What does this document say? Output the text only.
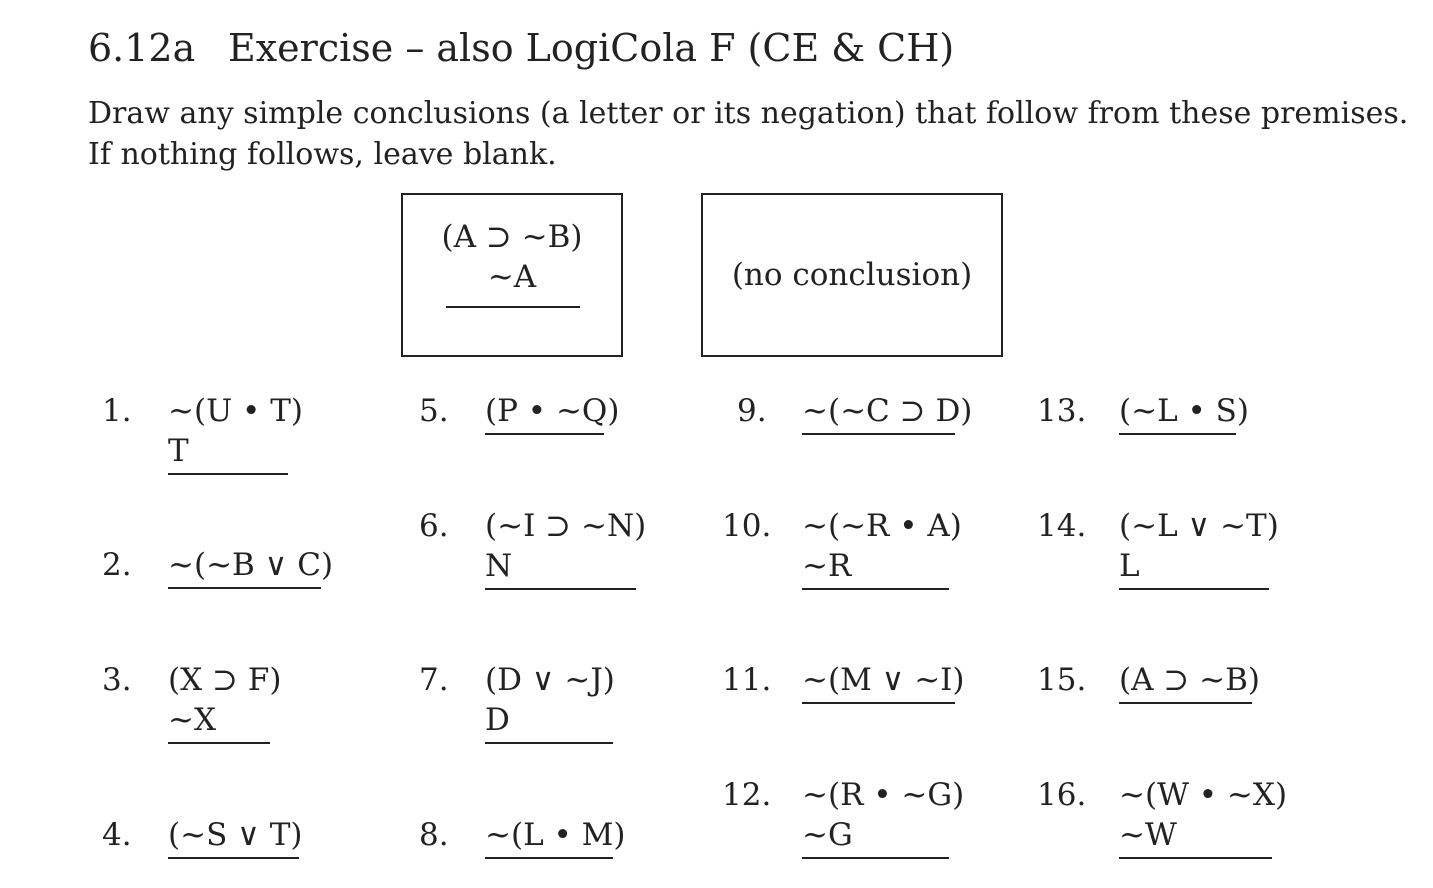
6.12a Exercise – also LogiCola F (CE & CH)
Draw any simple conclusions (a letter or its negation) that follow from these premises.
If nothing follows, leave blank.
(A ⊃ ~B)
~A	(no conclusion)
1. ~(U • T)
T
2. ~(~B ∨ C)
3. (X ⊃ F)
~X
4. (~S ∨ T)
5. (P • ~Q)
6. (~I ⊃ ~N)
N
7. (D ∨ ~J)
D
8. ~(L • M)
9. ~(~C ⊃ D)
10. ~(~R • A)
~R
11. ~(M ∨ ~I)
12. ~(R • ~G)
~G
13. (~L • S)
14. (~L ∨ ~T)
L
15. (A ⊃ ~B)
16. ~(W • ~X)
~W
